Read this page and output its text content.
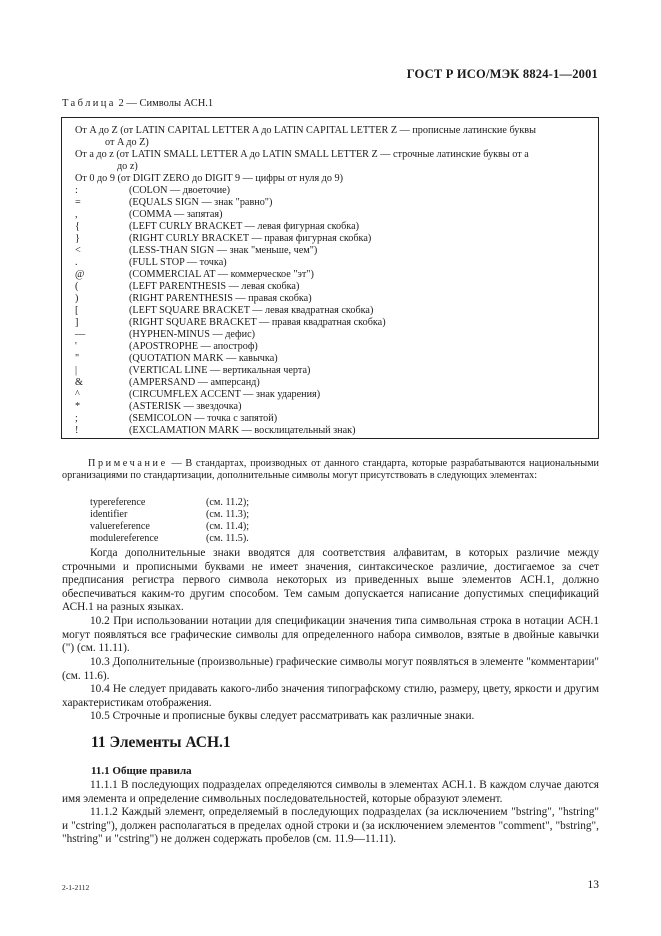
ГОСТ Р ИСО/МЭК 8824-1—2001
Таблица 2 — Символы АСН.1
От A до Z (от LATIN CAPITAL LETTER A до LATIN CAPITAL LETTER Z — прописные латинские буквы
от A до Z)
От a до z (от LATIN SMALL LETTER A до LATIN SMALL LETTER Z — строчные латинские буквы от a
до z)
От 0 до 9 (от DIGIT ZERO до DIGIT 9 — цифры от нуля до 9)
:	(COLON — двоеточие)
=	(EQUALS SIGN — знак "равно")
,	(COMMA — запятая)
{	(LEFT CURLY BRACKET — левая фигурная скобка)
}	(RIGHT CURLY BRACKET — правая фигурная скобка)
<	(LESS-THAN SIGN — знак "меньше, чем")
.	(FULL STOP — точка)
@	(COMMERCIAL AT — коммерческое "эт")
(	(LEFT PARENTHESIS — левая скобка)
)	(RIGHT PARENTHESIS — правая скобка)
[	(LEFT SQUARE BRACKET — левая квадратная скобка)
]	(RIGHT SQUARE BRACKET — правая квадратная скобка)
—	(HYPHEN-MINUS — дефис)
'	(APOSTROPHE — апостроф)
"	(QUOTATION MARK — кавычка)
|	(VERTICAL LINE — вертикальная черта)
&	(AMPERSAND — амперсанд)
^	(CIRCUMFLEX ACCENT — знак ударения)
*	(ASTERISK — звездочка)
;	(SEMICOLON — точка с запятой)
!	(EXCLAMATION MARK — восклицательный знак)
Примечание — В стандартах, производных от данного стандарта, которые разрабатываются национальными организациями по стандартизации, дополнительные символы могут присутствовать в следующих элементах:
typereference	(см. 11.2);
identifier	(см. 11.3);
valuereference	(см. 11.4);
modulereference	(см. 11.5).
Когда дополнительные знаки вводятся для соответствия алфавитам, в которых различие между строчными и прописными буквами не имеет значения, синтаксическое различие, достигаемое за счет предписания регистра первого символа некоторых из приведенных выше элементов АСН.1, должно обеспечиваться каким-то другим способом. Тем самым допускается написание допустимых спецификаций АСН.1 на разных языках.
10.2 При использовании нотации для спецификации значения типа символьная строка в нотации АСН.1 могут появляться все графические символы для определенного набора символов, взятые в двойные кавычки (") (см. 11.11).
10.3 Дополнительные (произвольные) графические символы могут появляться в элементе "комментарии" (см. 11.6).
10.4 Не следует придавать какого-либо значения типографскому стилю, размеру, цвету, яркости и другим характеристикам отображения.
10.5 Строчные и прописные буквы следует рассматривать как различные знаки.
11 Элементы АСН.1
11.1 Общие правила
11.1.1 В последующих подразделах определяются символы в элементах АСН.1. В каждом случае даются имя элемента и определение символьных последовательностей, которые образуют элемент.
11.1.2 Каждый элемент, определяемый в последующих подразделах (за исключением "bstring", "hstring" и "cstring"), должен располагаться в пределах одной строки и (за исключением элементов "comment", "bstring", "hstring" и "cstring") не должен содержать пробелов (см. 11.9—11.11).
2-1-2112	13
